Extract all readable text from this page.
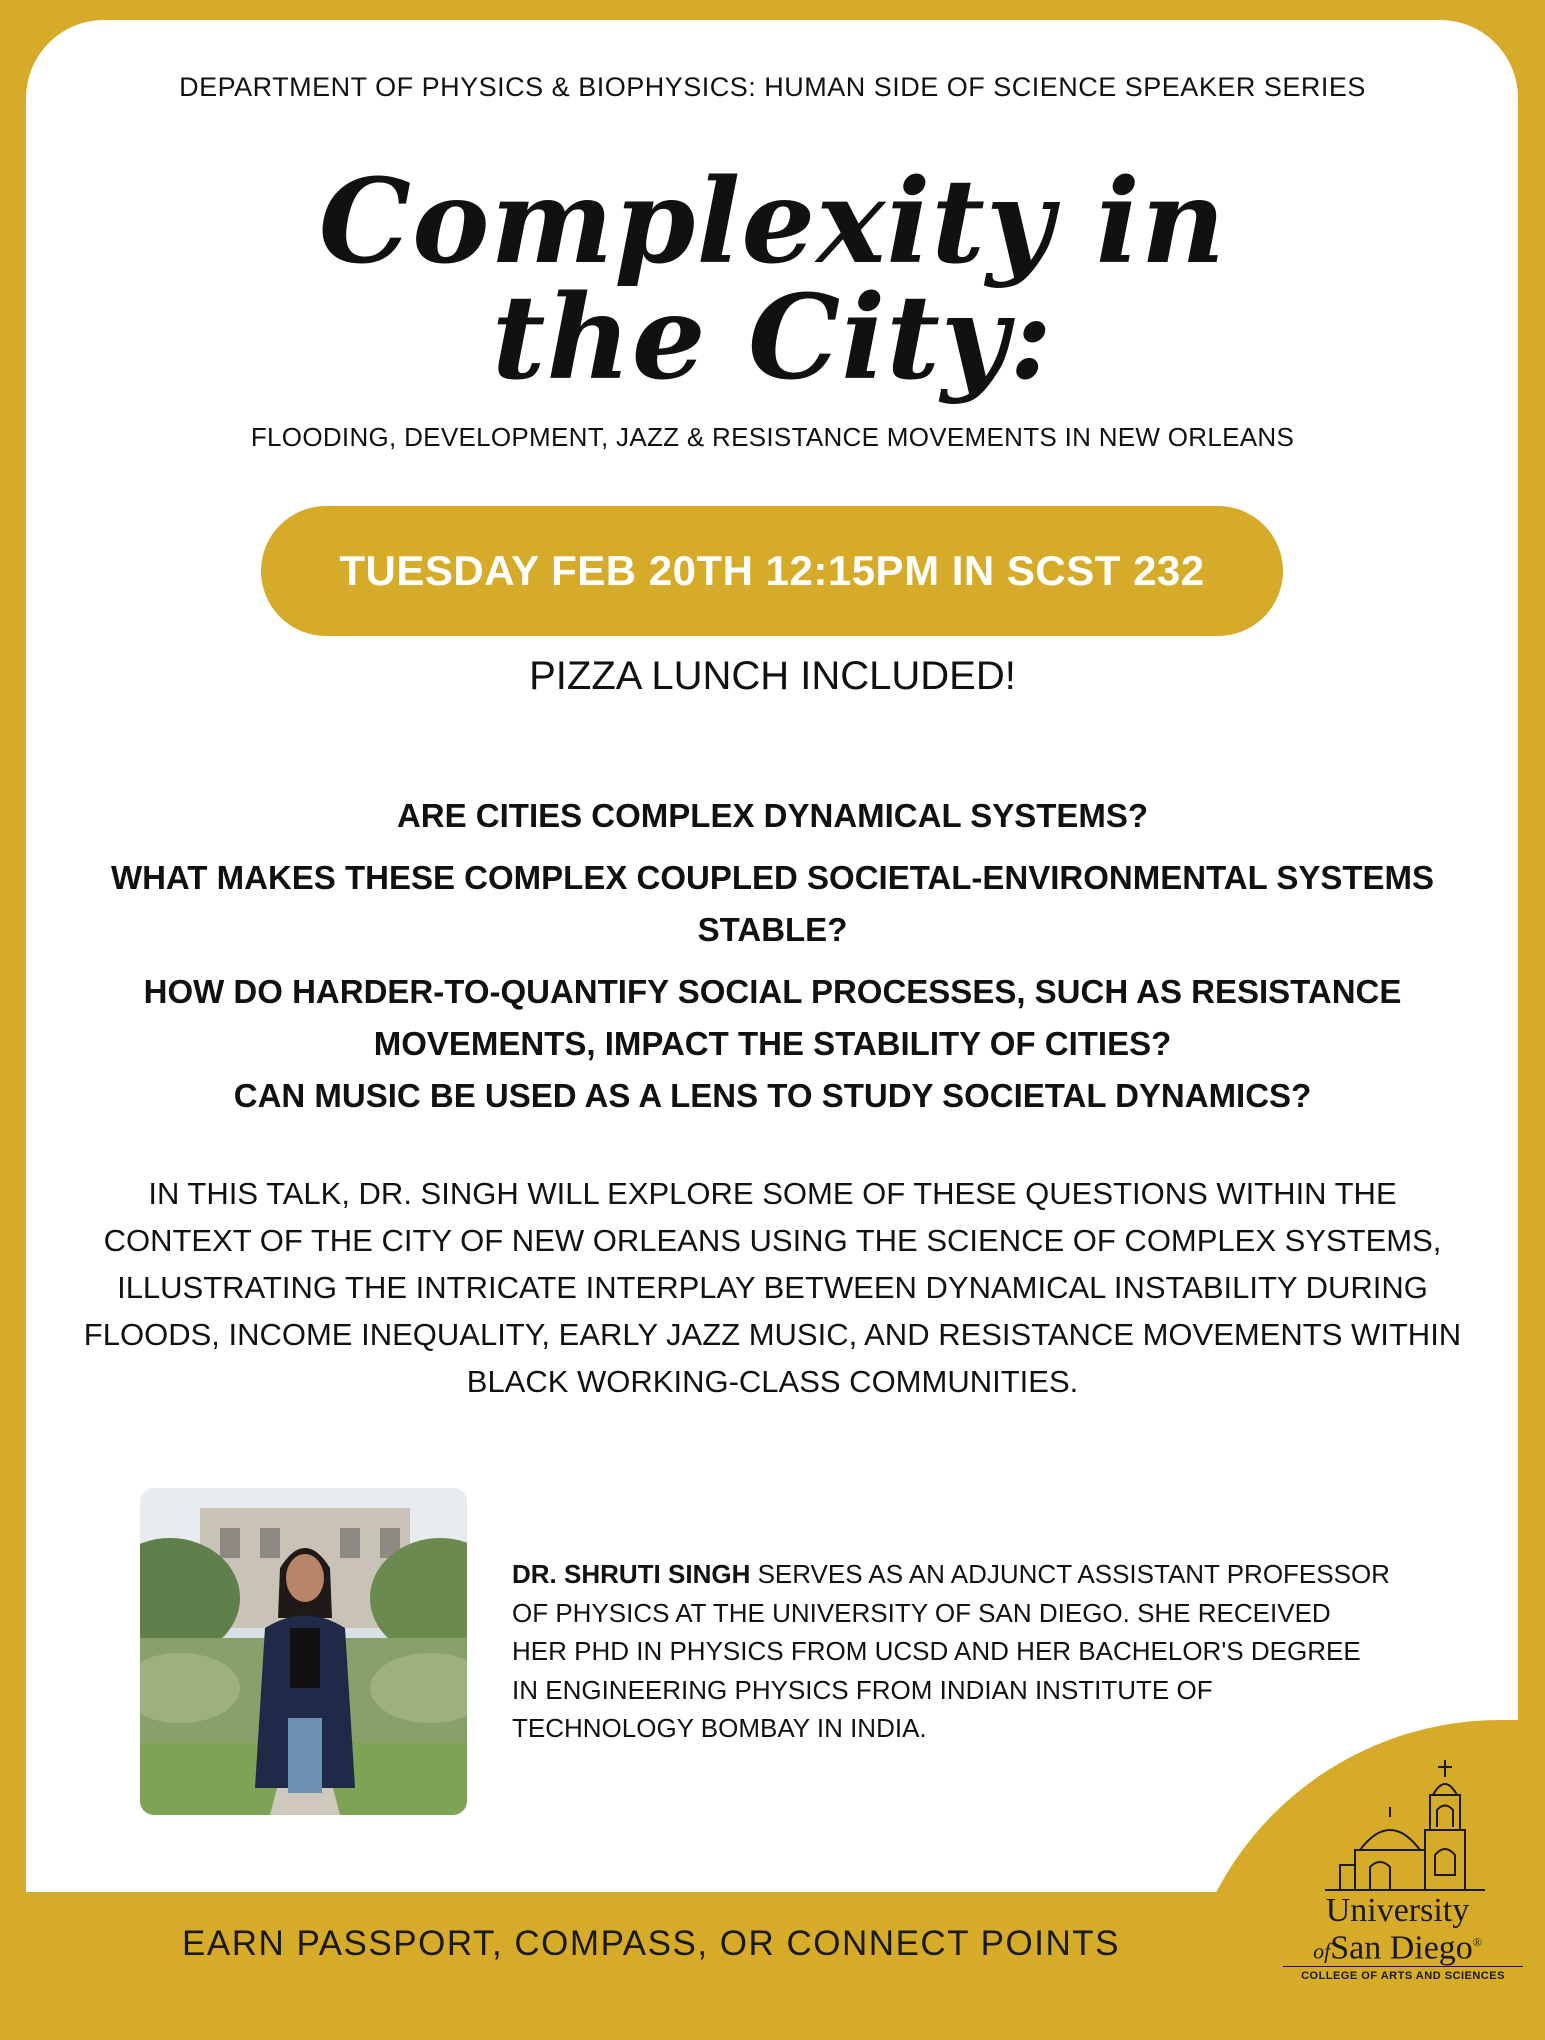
DEPARTMENT OF PHYSICS & BIOPHYSICS: HUMAN SIDE OF SCIENCE SPEAKER SERIES
Complexity in
the City:
FLOODING, DEVELOPMENT, JAZZ & RESISTANCE MOVEMENTS IN NEW ORLEANS
TUESDAY FEB 20TH 12:15PM IN SCST 232
PIZZA LUNCH INCLUDED!

ARE CITIES COMPLEX DYNAMICAL SYSTEMS?

WHAT MAKES THESE COMPLEX COUPLED SOCIETAL-ENVIRONMENTAL SYSTEMS STABLE?

HOW DO HARDER-TO-QUANTIFY SOCIAL PROCESSES, SUCH AS RESISTANCE MOVEMENTS, IMPACT THE STABILITY OF CITIES?

CAN MUSIC BE USED AS A LENS TO STUDY SOCIETAL DYNAMICS?

IN THIS TALK, DR. SINGH WILL EXPLORE SOME OF THESE QUESTIONS WITHIN THE CONTEXT OF THE CITY OF NEW ORLEANS USING THE SCIENCE OF COMPLEX SYSTEMS, ILLUSTRATING THE INTRICATE INTERPLAY BETWEEN DYNAMICAL INSTABILITY DURING FLOODS, INCOME INEQUALITY, EARLY JAZZ MUSIC, AND RESISTANCE MOVEMENTS WITHIN BLACK WORKING-CLASS COMMUNITIES.
DR. SHRUTI SINGH SERVES AS AN ADJUNCT ASSISTANT PROFESSOR OF PHYSICS AT THE UNIVERSITY OF SAN DIEGO. SHE RECEIVED HER PHD IN PHYSICS FROM UCSD AND HER BACHELOR'S DEGREE IN ENGINEERING PHYSICS FROM INDIAN INSTITUTE OF TECHNOLOGY BOMBAY IN INDIA.
University
ofSan Diego®
COLLEGE OF ARTS AND SCIENCES
EARN PASSPORT, COMPASS, OR CONNECT POINTS
